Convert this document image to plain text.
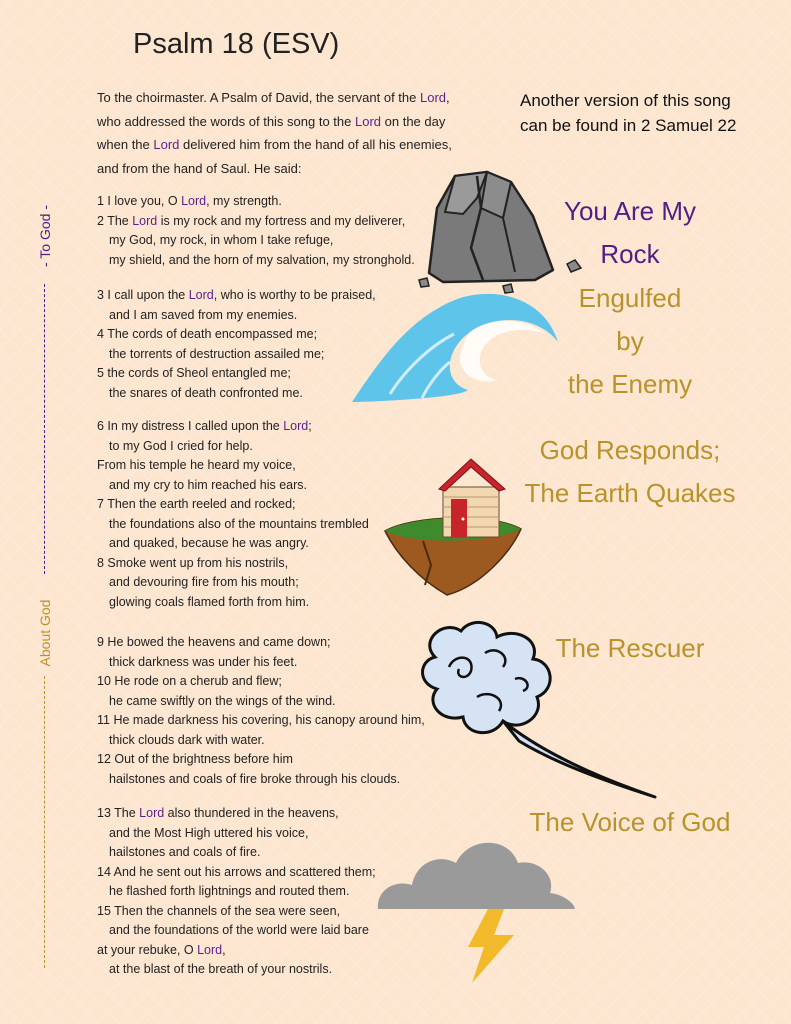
Psalm 18 (ESV)
To the choirmaster. A Psalm of David, the servant of the Lord, who addressed the words of this song to the Lord on the day when the Lord delivered him from the hand of all his enemies, and from the hand of Saul. He said:
Another version of this song can be found in 2 Samuel 22
- To God -
About God
1 I love you, O Lord, my strength.
2 The Lord is my rock and my fortress and my deliverer,
my God, my rock, in whom I take refuge,
my shield, and the horn of my salvation, my stronghold.
3 I call upon the Lord, who is worthy to be praised,
and I am saved from my enemies.
4 The cords of death encompassed me;
the torrents of destruction assailed me;
5 the cords of Sheol entangled me;
the snares of death confronted me.
6 In my distress I called upon the Lord;
to my God I cried for help.
From his temple he heard my voice,
and my cry to him reached his ears.
7 Then the earth reeled and rocked;
the foundations also of the mountains trembled
and quaked, because he was angry.
8 Smoke went up from his nostrils,
and devouring fire from his mouth;
glowing coals flamed forth from him.
9 He bowed the heavens and came down;
thick darkness was under his feet.
10 He rode on a cherub and flew;
he came swiftly on the wings of the wind.
11 He made darkness his covering, his canopy around him,
thick clouds dark with water.
12 Out of the brightness before him
hailstones and coals of fire broke through his clouds.
13 The Lord also thundered in the heavens,
and the Most High uttered his voice,
hailstones and coals of fire.
14 And he sent out his arrows and scattered them;
he flashed forth lightnings and routed them.
15 Then the channels of the sea were seen,
and the foundations of the world were laid bare
at your rebuke, O Lord,
at the blast of the breath of your nostrils.
You Are My
Rock
Engulfed
by
the Enemy
God Responds;
The Earth Quakes
The Rescuer
The Voice of God
